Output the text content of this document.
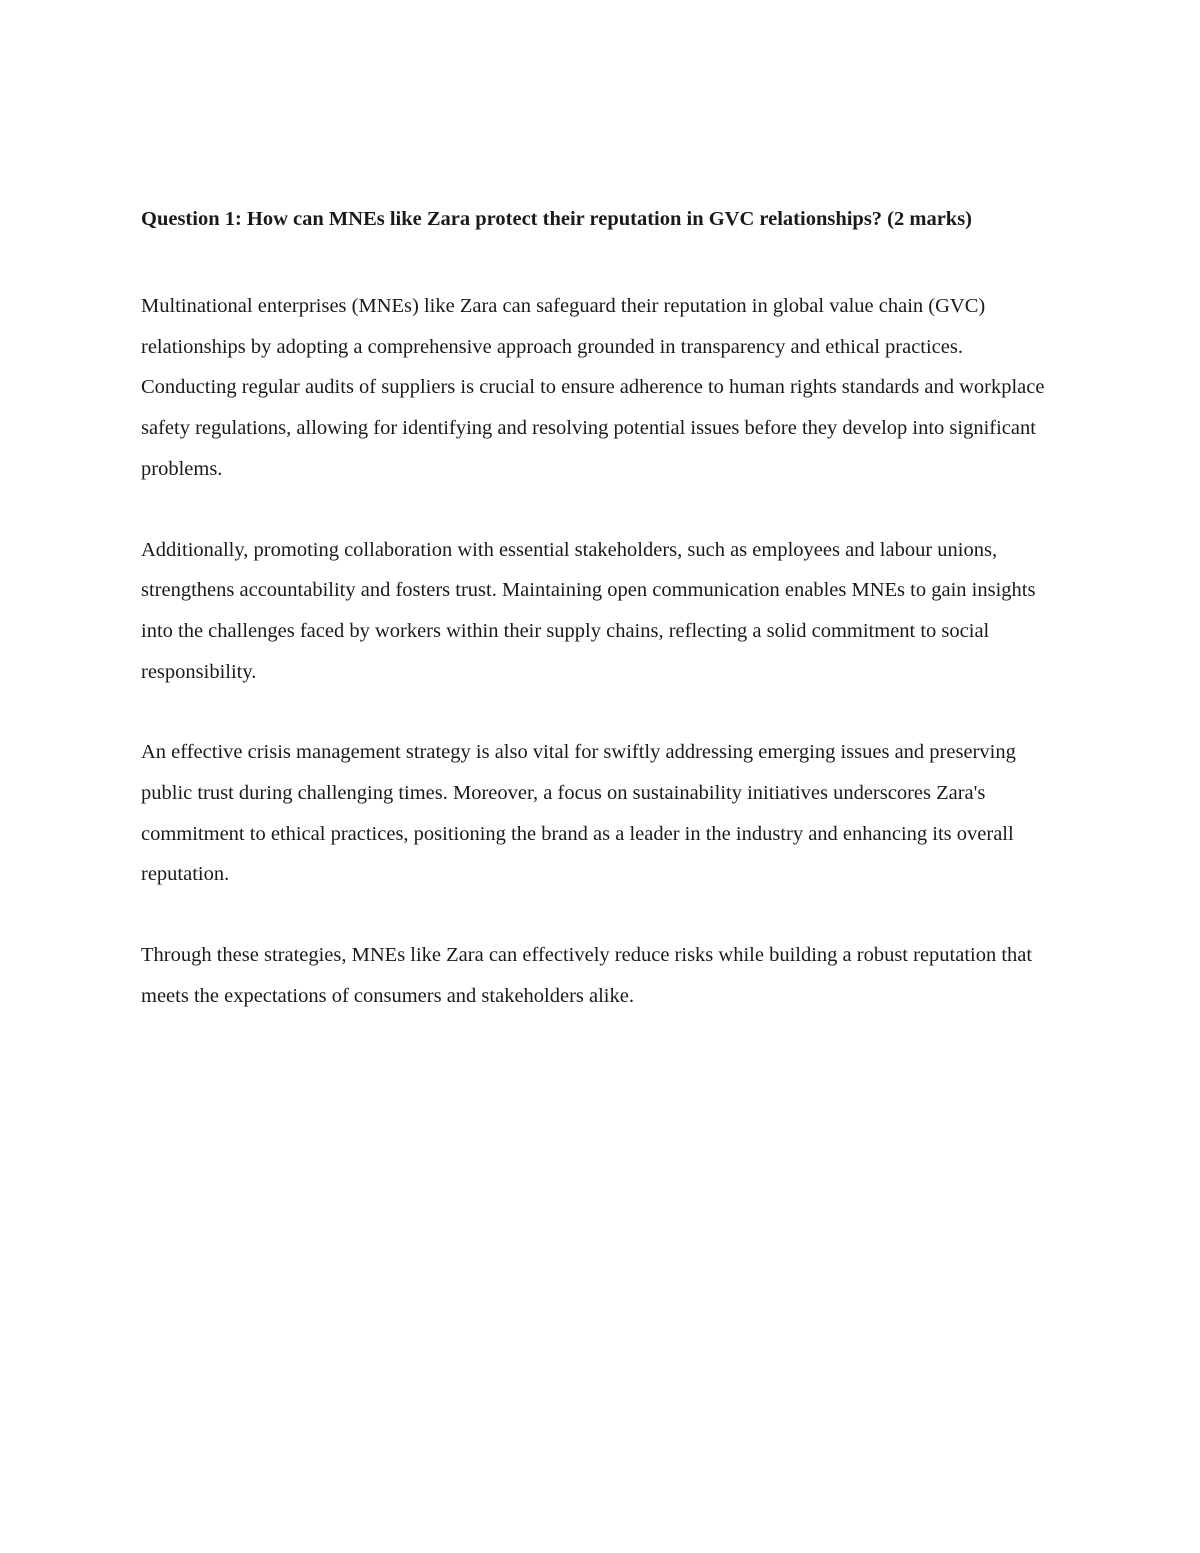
Question 1: How can MNEs like Zara protect their reputation in GVC relationships? (2 marks)

Multinational enterprises (MNEs) like Zara can safeguard their reputation in global value chain (GVC) relationships by adopting a comprehensive approach grounded in transparency and ethical practices. Conducting regular audits of suppliers is crucial to ensure adherence to human rights standards and workplace safety regulations, allowing for identifying and resolving potential issues before they develop into significant problems.

Additionally, promoting collaboration with essential stakeholders, such as employees and labour unions, strengthens accountability and fosters trust. Maintaining open communication enables MNEs to gain insights into the challenges faced by workers within their supply chains, reflecting a solid commitment to social responsibility.

An effective crisis management strategy is also vital for swiftly addressing emerging issues and preserving public trust during challenging times. Moreover, a focus on sustainability initiatives underscores Zara's commitment to ethical practices, positioning the brand as a leader in the industry and enhancing its overall reputation.

Through these strategies, MNEs like Zara can effectively reduce risks while building a robust reputation that meets the expectations of consumers and stakeholders alike.
